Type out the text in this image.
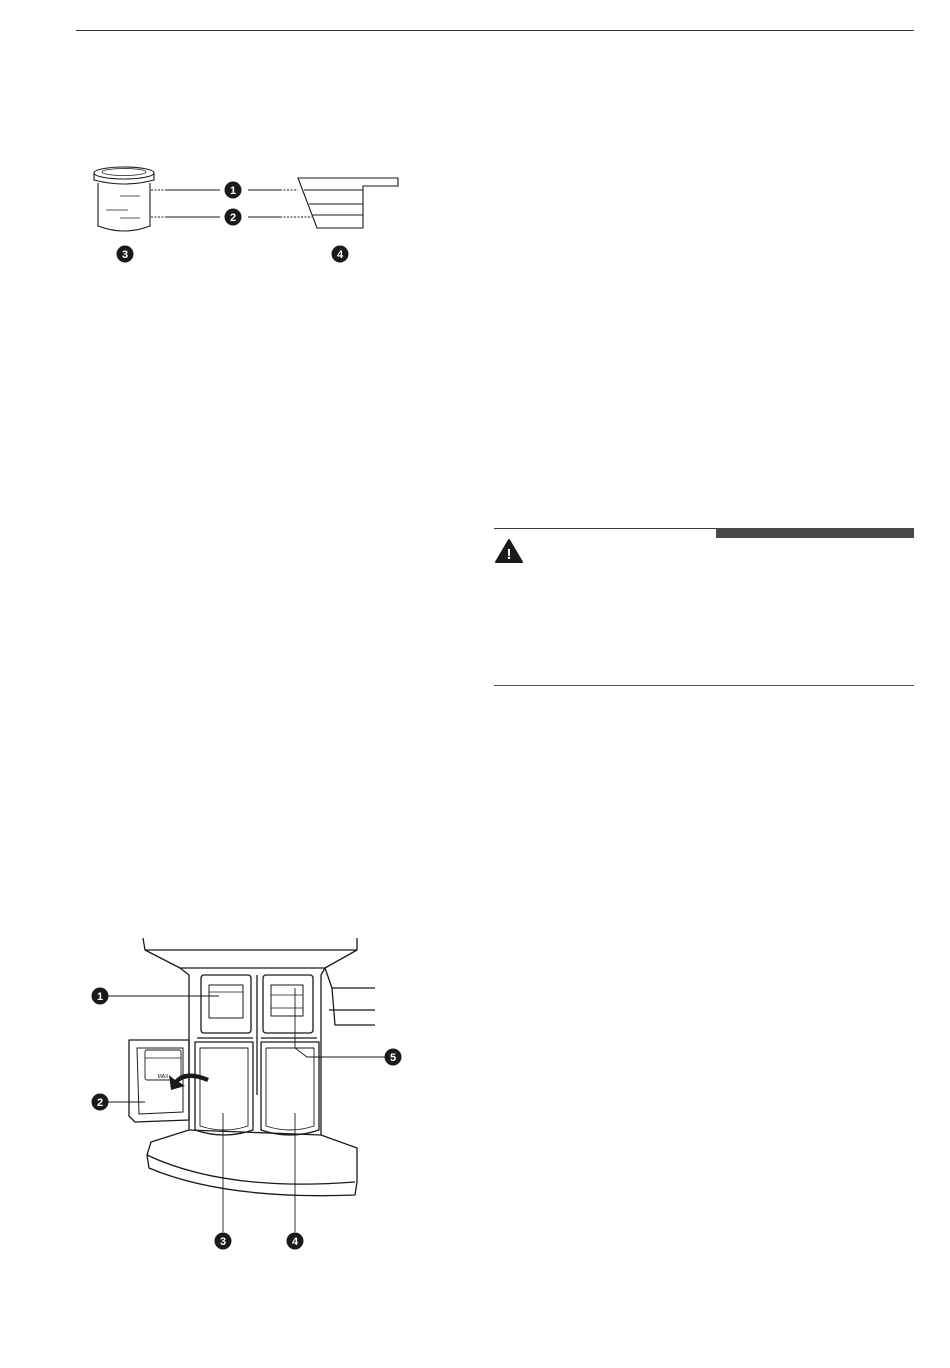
1
2
3	4
MAX
1
2
3	4
5
!
